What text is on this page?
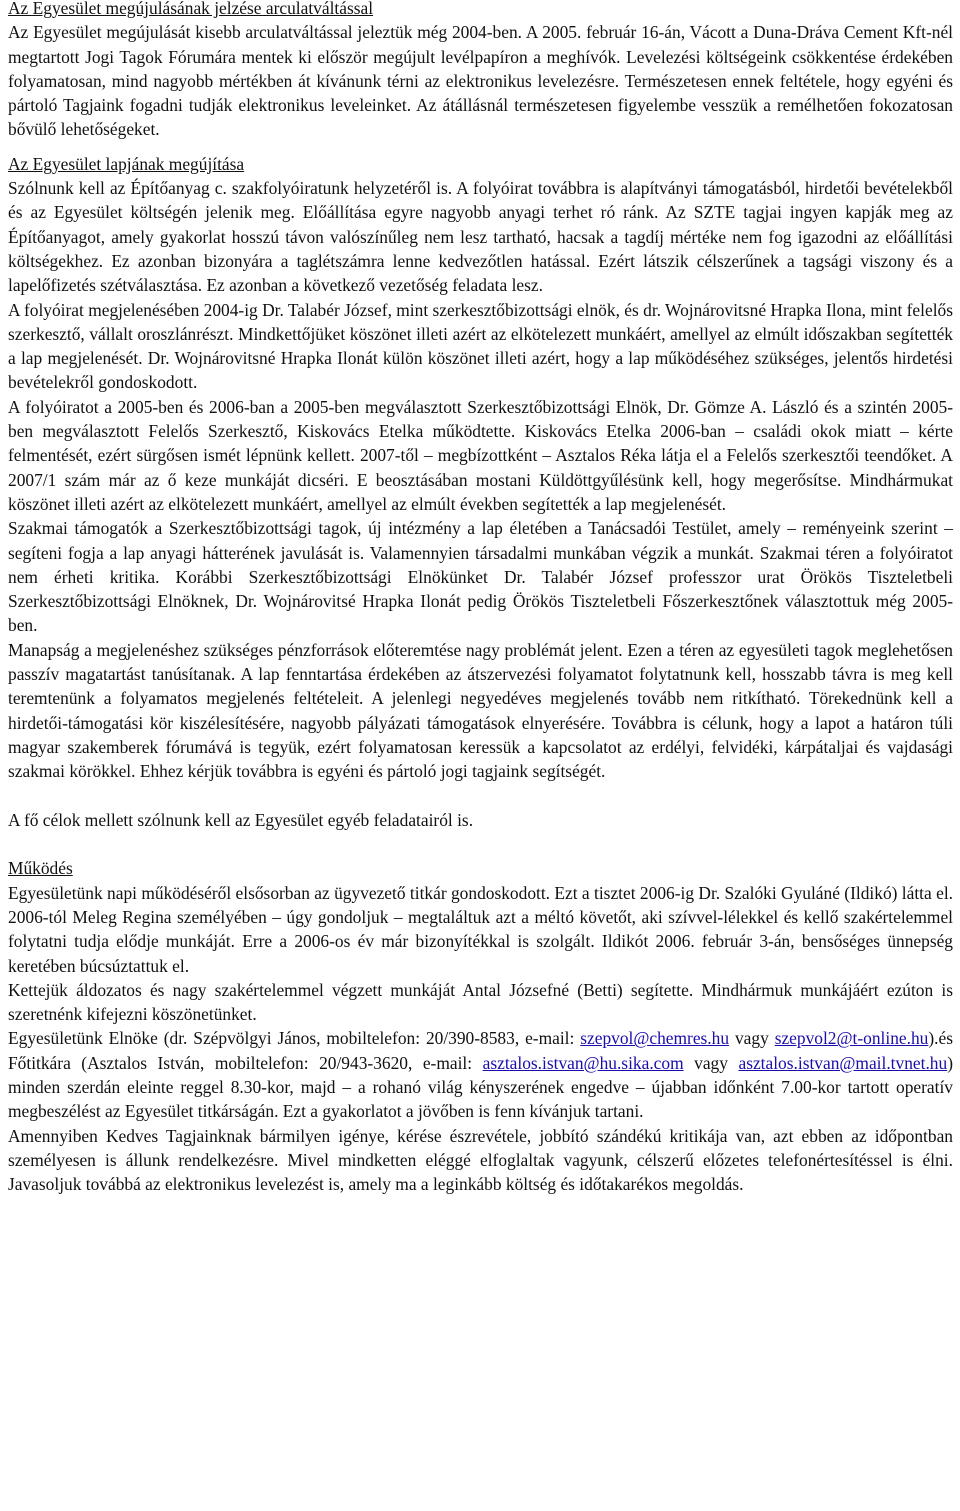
Az Egyesület megújulásának jelzése arculatváltással

Az Egyesület megújulását kisebb arculatváltással jeleztük még 2004-ben. A 2005. február 16-án, Vácott a Duna-Dráva Cement Kft-nél megtartott Jogi Tagok Fórumára mentek ki először megújult levélpapíron a meghívók. Levelezési költségeink csökkentése érdekében folyamatosan, mind nagyobb mértékben át kívánunk térni az elektronikus levelezésre. Természetesen ennek feltétele, hogy egyéni és pártoló Tagjaink fogadni tudják elektronikus leveleinket. Az átállásnál természetesen figyelembe vesszük a remélhetően fokozatosan bővülő lehetőségeket.

Az Egyesület lapjának megújítása

Szólnunk kell az Építőanyag c. szakfolyóiratunk helyzetéről is. A folyóirat továbbra is alapítványi támogatásból, hirdetői bevételekből és az Egyesület költségén jelenik meg. Előállítása egyre nagyobb anyagi terhet ró ránk. Az SZTE tagjai ingyen kapják meg az Építőanyagot, amely gyakorlat hosszú távon valószínűleg nem lesz tartható, hacsak a tagdíj mértéke nem fog igazodni az előállítási költségekhez. Ez azonban bizonyára a taglétszámra lenne kedvezőtlen hatással. Ezért látszik célszerűnek a tagsági viszony és a lapelőfizetés szétválasztása. Ez azonban a következő vezetőség feladata lesz.

A folyóirat megjelenésében 2004-ig Dr. Talabér József, mint szerkesztőbizottsági elnök, és dr. Wojnárovitsné Hrapka Ilona, mint felelős szerkesztő, vállalt oroszlánrészt. Mindkettőjüket köszönet illeti azért az elkötelezett munkáért, amellyel az elmúlt időszakban segítették a lap megjelenését. Dr. Wojnárovitsné Hrapka Ilonát külön köszönet illeti azért, hogy a lap működéséhez szükséges, jelentős hirdetési bevételekről gondoskodott.

A folyóiratot a 2005-ben és 2006-ban a 2005-ben megválasztott Szerkesztőbizottsági Elnök, Dr. Gömze A. László és a szintén 2005-ben megválasztott Felelős Szerkesztő, Kiskovács Etelka működtette. Kiskovács Etelka 2006-ban – családi okok miatt – kérte felmentését, ezért sürgősen ismét lépnünk kellett. 2007-től – megbízottként – Asztalos Réka látja el a Felelős szerkesztői teendőket. A 2007/1 szám már az ő keze munkáját dicséri. E beosztásában mostani Küldöttgyűlésünk kell, hogy megerősítse. Mindhármukat köszönet illeti azért az elkötelezett munkáért, amellyel az elmúlt években segítették a lap megjelenését.

Szakmai támogatók a Szerkesztőbizottsági tagok, új intézmény a lap életében a Tanácsadói Testület, amely – reményeink szerint – segíteni fogja a lap anyagi hátterének javulását is. Valamennyien társadalmi munkában végzik a munkát. Szakmai téren a folyóiratot nem érheti kritika. Korábbi Szerkesztőbizottsági Elnökünket Dr. Talabér József professzor urat Örökös Tiszteletbeli Szerkesztőbizottsági Elnöknek, Dr. Wojnárovitsé Hrapka Ilonát pedig Örökös Tiszteletbeli Főszerkesztőnek választottuk még 2005-ben.

Manapság a megjelenéshez szükséges pénzforrások előteremtése nagy problémát jelent. Ezen a téren az egyesületi tagok meglehetősen passzív magatartást tanúsítanak. A lap fenntartása érdekében az átszervezési folyamatot folytatnunk kell, hosszabb távra is meg kell teremtenünk a folyamatos megjelenés feltételeit. A jelenlegi negyedéves megjelenés tovább nem ritkítható. Törekednünk kell a hirdetői-támogatási kör kiszélesítésére, nagyobb pályázati támogatások elnyerésére. Továbbra is célunk, hogy a lapot a határon túli magyar szakemberek fórumává is tegyük, ezért folyamatosan keressük a kapcsolatot az erdélyi, felvidéki, kárpátaljai és vajdasági szakmai körökkel. Ehhez kérjük továbbra is egyéni és pártoló jogi tagjaink segítségét.

A fő célok mellett szólnunk kell az Egyesület egyéb feladatairól is.

Működés

Egyesületünk napi működéséről elsősorban az ügyvezető titkár gondoskodott. Ezt a tisztet 2006-ig Dr. Szalóki Gyuláné (Ildikó) látta el. 2006-tól Meleg Regina személyében – úgy gondoljuk – megtaláltuk azt a méltó követőt, aki szívvel-lélekkel és kellő szakértelemmel folytatni tudja elődje munkáját. Erre a 2006-os év már bizonyítékkal is szolgált. Ildikót 2006. február 3-án, bensőséges ünnepség keretében búcsúztattuk el.

Kettejük áldozatos és nagy szakértelemmel végzett munkáját Antal Józsefné (Betti) segítette. Mindhármuk munkájáért ezúton is szeretnénk kifejezni köszönetünket.

Egyesületünk Elnöke (dr. Szépvölgyi János, mobiltelefon: 20/390-8583, e-mail: szepvol@chemres.hu vagy szepvol2@t-online.hu).és Főtitkára (Asztalos István, mobiltelefon: 20/943-3620, e-mail: asztalos.istvan@hu.sika.com vagy asztalos.istvan@mail.tvnet.hu) minden szerdán eleinte reggel 8.30-kor, majd – a rohanó világ kényszerének engedve – újabban időnként 7.00-kor tartott operatív megbeszélést az Egyesület titkárságán. Ezt a gyakorlatot a jövőben is fenn kívánjuk tartani.

Amennyiben Kedves Tagjainknak bármilyen igénye, kérése észrevétele, jobbító szándékú kritikája van, azt ebben az időpontban személyesen is állunk rendelkezésre. Mivel mindketten eléggé elfoglaltak vagyunk, célszerű előzetes telefonértesítéssel is élni. Javasoljuk továbbá az elektronikus levelezést is, amely ma a leginkább költség és időtakarékos megoldás.
